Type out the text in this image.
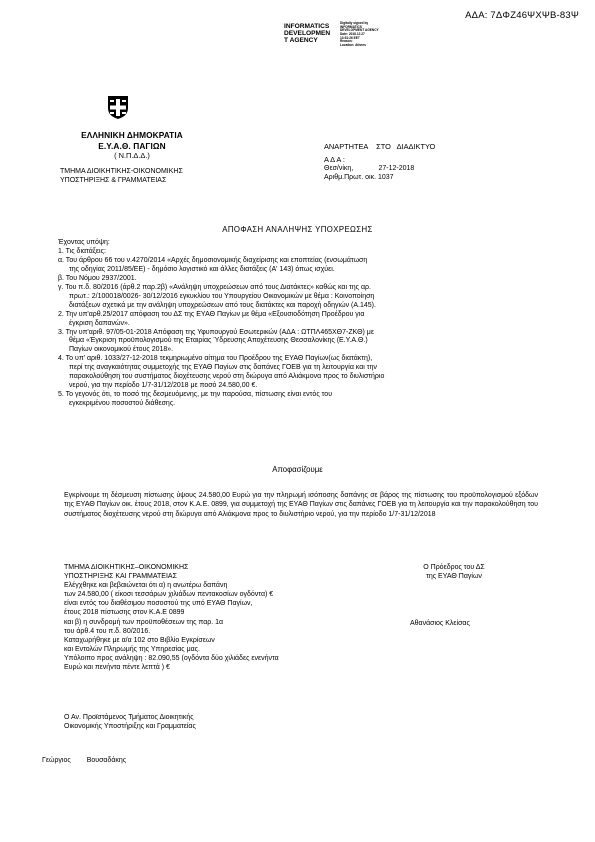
ΑΔΑ: 7ΔΦΖ46ΨΧΨΒ-83Ψ
INFORMATICS
DEVELOPMEN
T AGENCY
Digitally signed by INFORMATICS
DEVELOPMENT AGENCY
Date: 2018.12.27
13:51:26 EET
Reason:
Location: Athens
ΕΛΛΗΝΙΚΗ ΔΗΜΟΚΡΑΤΙΑ
Ε.Υ.Α.Θ. ΠΑΓΙΩΝ
( Ν.Π.Δ.Δ.)
ΤΜΗΜΑ ΔΙΟΙΚΗΤΙΚΗΣ-ΟΙΚΟΝΟΜΙΚΗΣ
ΥΠΟΣΤΗΡΙΞΗΣ & ΓΡΑΜΜΑΤΕΙΑΣ
ΑΝΑΡΤΗΤΕΑ    ΣΤΟ   ΔΙΑΔΙΚΤΥΟ
Α Δ Α :
Θεσ/νίκη,             27-12-2018
Αριθμ.Πρωτ. οικ. 1037
ΑΠΟΦΑΣΗ ΑΝΑΛΗΨΗΣ ΥΠΟΧΡΕΩΣΗΣ

Έχοντας υπόψη:

1. Τις διατάξεις:

α. Του άρθρου 66 του ν.4270/2014 «Αρχές δημοσιονομικής διαχείρισης και εποπτείας (ενσωμάτωση

της οδηγίας 2011/85/ΕΕ) - δημόσιο λογιστικό και άλλες διατάξεις (Α' 143) όπως ισχύει.

β. Του Νόμου 2937/2001.

γ. Του π.δ. 80/2016 (άρθ.2 παρ.2β) «Ανάληψη υποχρεώσεων από τους Διατάκτες» καθώς και της αρ.

πρωτ.: 2/100018/0026- 30/12/2016 εγκυκλίου του Υπουργείου Οικονομικών με θέμα : Κοινοποίηση

διατάξεων σχετικά με την ανάληψη υποχρεώσεων από τους διατάκτες και παροχή οδηγιών (Α.145).

2. Την υπ'αρθ.25/2017 απόφαση του ΔΣ της ΕΥΑΘ Παγίων με θέμα «Εξουσιοδότηση Προέδρου για

έγκριση δαπανών».

3. Την υπ'αριθ. 97/05-01-2018 Απόφαση της Υφυπουργού Εσωτερικών (ΑΔΑ : ΩΤΠΛ465ΧΘ7-ΖΚΘ) με

θέμα «Έγκριση προϋπολογισμού της Εταιρίας Ύδρευσης Αποχέτευσης Θεσσαλονίκης (Ε.Υ.Α.Θ.)

Παγίων οικονομικού έτους 2018».

4. Το υπ' αριθ. 1033/27-12-2018 τεκμηριωμένο αίτημα του Προέδρου της ΕΥΑΘ Παγίων(ως διατάκτη),

περί της αναγκαιότητας συμμετοχής της ΕΥΑΘ Παγίων στις δαπάνες ΓΟΕΒ για τη λειτουργία και την

παρακολούθηση του συστήματος διοχέτευσης νερού στη διώρυγα από Αλιάκμονα προς το διυλιστήριο

νερού, για την περίοδο 1/7-31/12/2018 με ποσό 24.580,00 €.

5. Το γεγονός ότι, το ποσό της δεσμευόμενης, με την παρούσα, πίστωσης είναι εντός του

εγκεκριμένου ποσοστού διάθεσης.

Αποφασίζουμε
Εγκρίνουμε τη δέσμευση πίστωσης ύψους 24.580,00 Ευρώ για την πληρωμή ισόποσης δαπάνης σε βάρος της πίστωσης του προϋπολογισμού εξόδων της ΕΥΑΘ Παγίων οικ. έτους 2018, στον Κ.Α.Ε. 0899, για συμμετοχή της ΕΥΑΘ Παγίων στις δαπάνες ΓΟΕΒ για τη λειτουργία και την παρακολούθηση του συστήματος διοχέτευσης νερού στη διώρυγα από Αλιάκμονα προς το διυλιστήριο νερού, για την περίοδο 1/7-31/12/2018

ΤΜΗΜΑ ΔΙΟΙΚΗΤΙΚΗΣ–ΟΙΚΟΝΟΜΙΚΗΣ

ΥΠΟΣΤΗΡΙΞΗΣ ΚΑΙ ΓΡΑΜΜΑΤΕΙΑΣ

Ελέγχθηκε και βεβαιώνεται ότι α) η ανωτέρω δαπάνη

των 24.580,00 ( είκοσι τεσσάρων χιλιάδων πεντακοσίων ογδόντα) €

είναι εντός του διαθέσιμου ποσοστού της υπό ΕΥΑΘ Παγίων,

έτους 2018 πίστωσης στον Κ.Α.Ε 0899

και β) η συνδρομή των προϋποθέσεων της παρ. 1α

του άρθ.4 του π.δ. 80/2016.

Καταχωρήθηκε με α/α 102 στο Βιβλίο Εγκρίσεων

και Εντολών Πληρωμής της Υπηρεσίας μας.

Υπόλοιπο προς ανάληψη : 82.090,55 (ογδόντα δύο χιλιάδες ενενήντα

Ευρώ και πενήντα πέντε λεπτά ) €

Ο Πρόεδρος του ΔΣ
της ΕΥΑΘ Παγίων
Αθανάσιος Κλείσας
Ο Αν. Προϊστάμενος Τμήματος Διοικητικής
Οικονομικής Υποστήριξης και Γραμματείας
Γεώργιος Βουσαδάκης
